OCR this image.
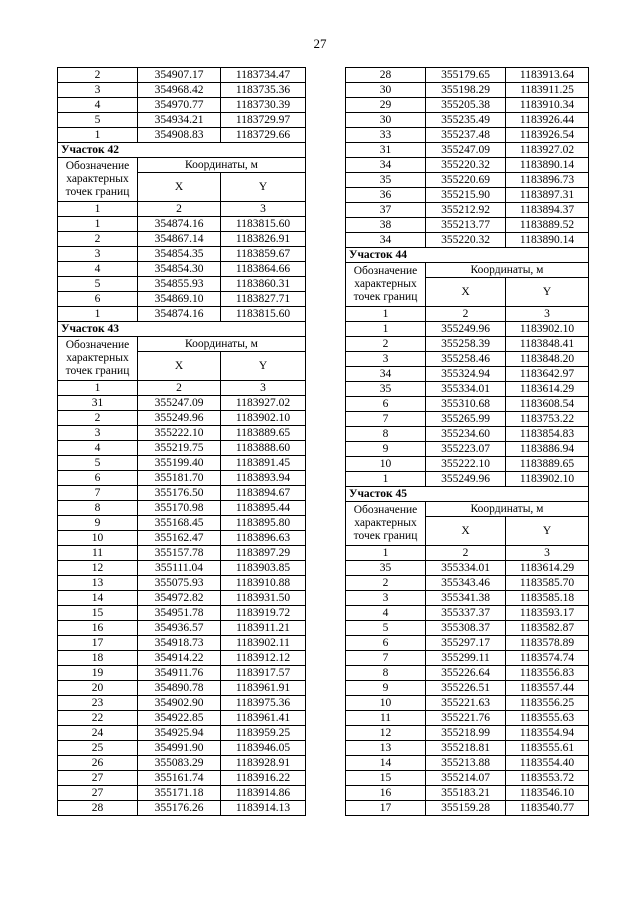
27
2	354907.17	1183734.47
3	354968.42	1183735.36
4	354970.77	1183730.39
5	354934.21	1183729.97
1	354908.83	1183729.66
Участок 42		
Обозначение характерных точек границ	Координаты, м	
	X	Y
1	2	3
1	354874.16	1183815.60
2	354867.14	1183826.91
3	354854.35	1183859.67
4	354854.30	1183864.66
5	354855.93	1183860.31
6	354869.10	1183827.71
1	354874.16	1183815.60
Участок 43		
Обозначение характерных точек границ	Координаты, м	
	X	Y
1	2	3
31	355247.09	1183927.02
2	355249.96	1183902.10
3	355222.10	1183889.65
4	355219.75	1183888.60
5	355199.40	1183891.45
6	355181.70	1183893.94
7	355176.50	1183894.67
8	355170.98	1183895.44
9	355168.45	1183895.80
10	355162.47	1183896.63
11	355157.78	1183897.29
12	355111.04	1183903.85
13	355075.93	1183910.88
14	354972.82	1183931.50
15	354951.78	1183919.72
16	354936.57	1183911.21
17	354918.73	1183902.11
18	354914.22	1183912.12
19	354911.76	1183917.57
20	354890.78	1183961.91
23	354902.90	1183975.36
22	354922.85	1183961.41
24	354925.94	1183959.25
25	354991.90	1183946.05
26	355083.29	1183928.91
27	355161.74	1183916.22
27	355171.18	1183914.86
28	355176.26	1183914.13
28	355179.65	1183913.64
30	355198.29	1183911.25
29	355205.38	1183910.34
30	355235.49	1183926.44
33	355237.48	1183926.54
31	355247.09	1183927.02
34	355220.32	1183890.14
35	355220.69	1183896.73
36	355215.90	1183897.31
37	355212.92	1183894.37
38	355213.77	1183889.52
34	355220.32	1183890.14
Участок 44		
Обозначение характерных точек границ	Координаты, м	
	X	Y
1	2	3
1	355249.96	1183902.10
2	355258.39	1183848.41
3	355258.46	1183848.20
34	355324.94	1183642.97
35	355334.01	1183614.29
6	355310.68	1183608.54
7	355265.99	1183753.22
8	355234.60	1183854.83
9	355223.07	1183886.94
10	355222.10	1183889.65
1	355249.96	1183902.10
Участок 45		
Обозначение характерных точек границ	Координаты, м	
	X	Y
1	2	3
35	355334.01	1183614.29
2	355343.46	1183585.70
3	355341.38	1183585.18
4	355337.37	1183593.17
5	355308.37	1183582.87
6	355297.17	1183578.89
7	355299.11	1183574.74
8	355226.64	1183556.83
9	355226.51	1183557.44
10	355221.63	1183556.25
11	355221.76	1183555.63
12	355218.99	1183554.94
13	355218.81	1183555.61
14	355213.88	1183554.40
15	355214.07	1183553.72
16	355183.21	1183546.10
17	355159.28	1183540.77
